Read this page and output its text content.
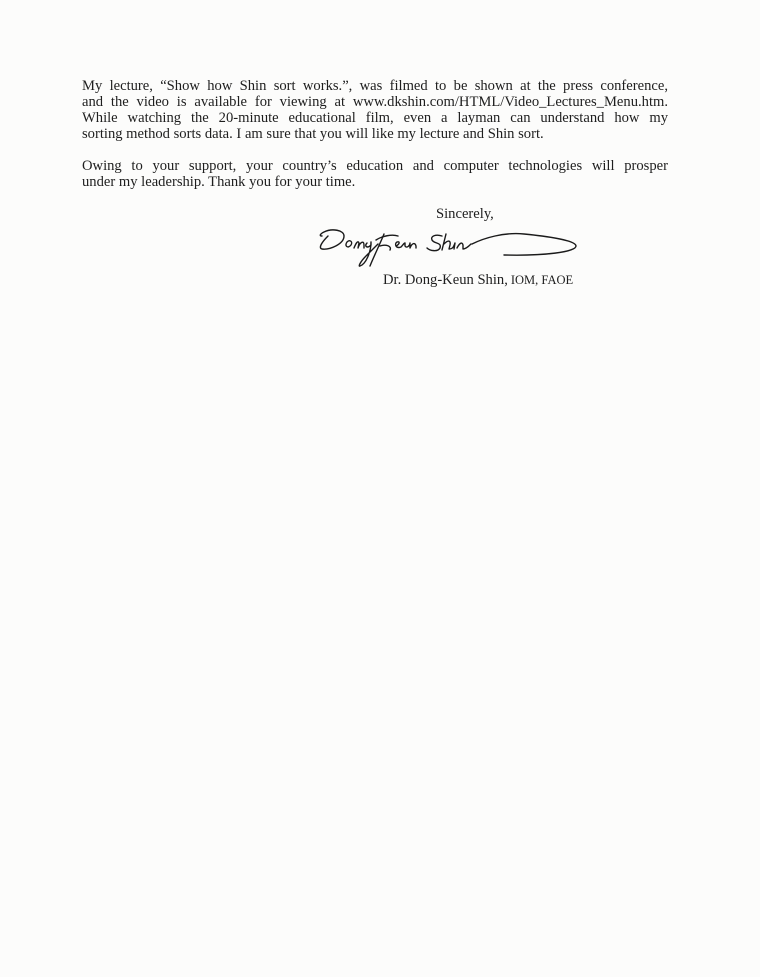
My lecture, “Show how Shin sort works.”, was filmed to be shown at the press conference,
and the video is available for viewing at www.dkshin.com/HTML/Video_Lectures_Menu.htm.
While watching the 20-minute educational film, even a layman can understand how my
sorting method sorts data. I am sure that you will like my lecture and Shin sort.
Owing to your support, your country’s education and computer technologies will prosper
under my leadership. Thank you for your time.
Sincerely,
Dr. Dong-Keun Shin, IOM, FAOE
